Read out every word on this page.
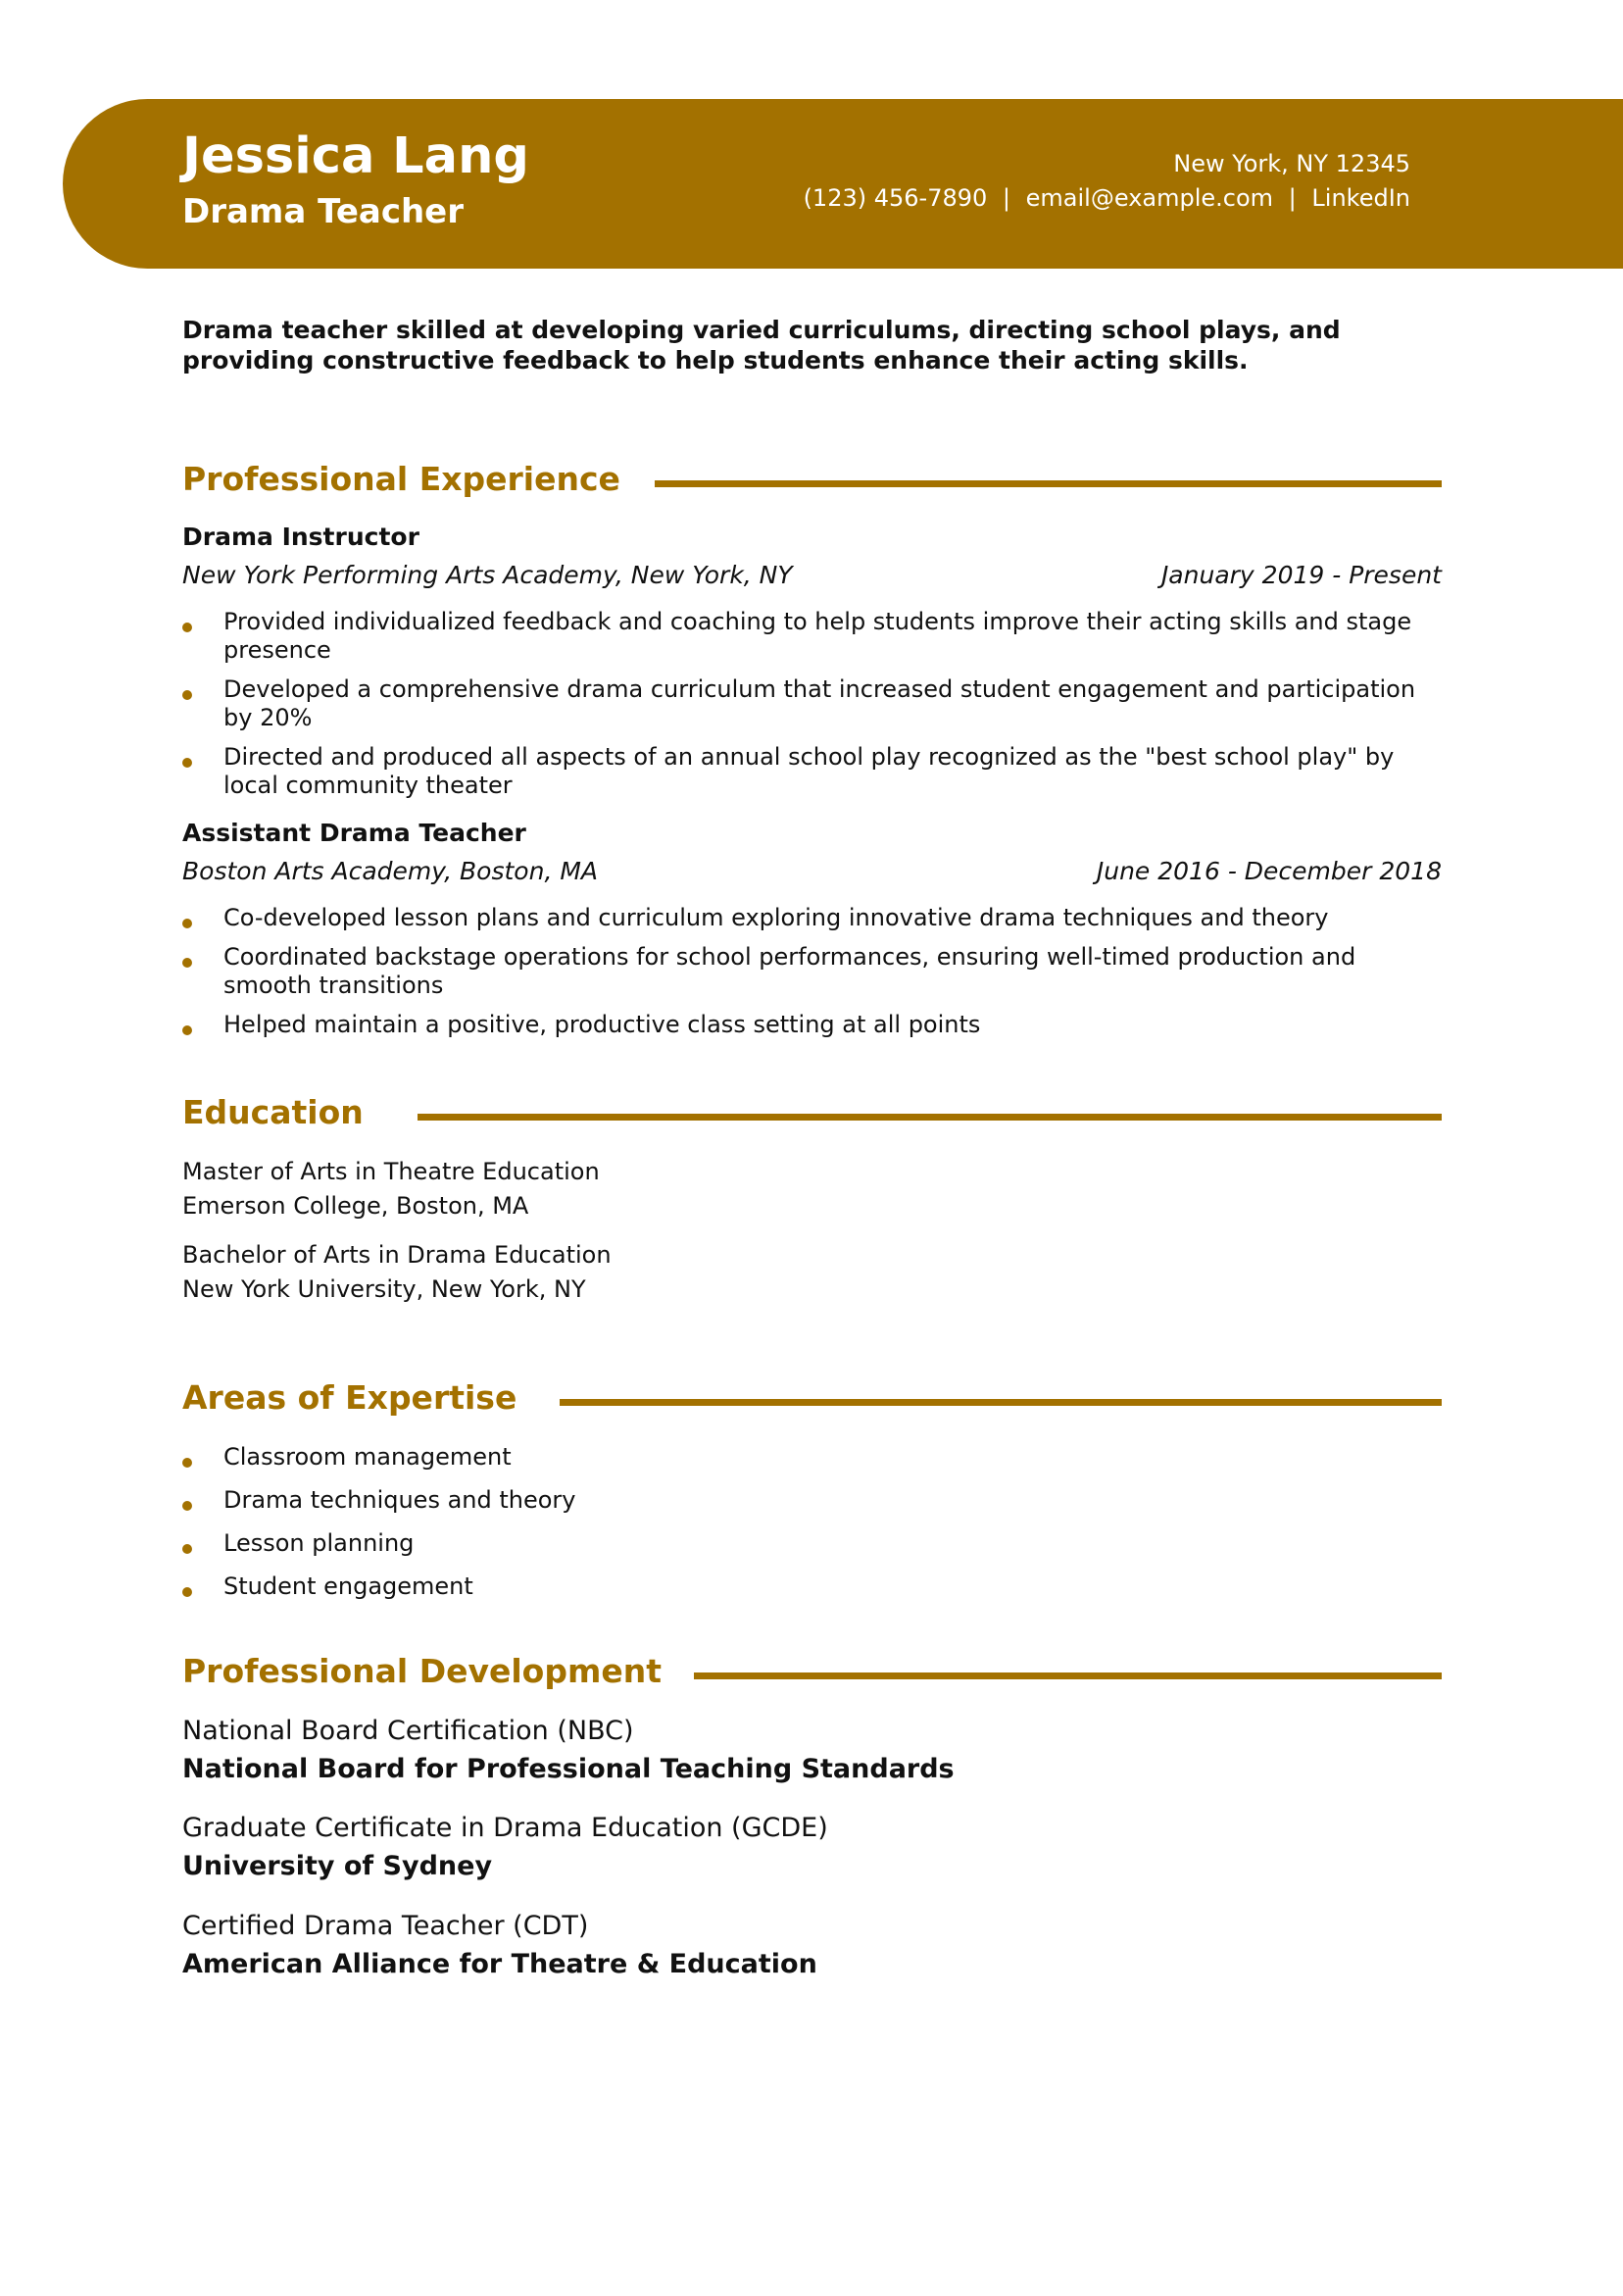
Jessica Lang
Drama Teacher
New York, NY 12345
(123) 456-7890 | email@example.com | LinkedIn
Drama teacher skilled at developing varied curriculums, directing school plays, and providing constructive feedback to help students enhance their acting skills.
Professional Experience
Drama Instructor
New York Performing Arts Academy, New York, NY	January 2019 - Present
Provided individualized feedback and coaching to help students improve their acting skills and stage presence
Developed a comprehensive drama curriculum that increased student engagement and participation by 20%
Directed and produced all aspects of an annual school play recognized as the "best school play" by local community theater
Assistant Drama Teacher
Boston Arts Academy, Boston, MA	June 2016 - December 2018
Co-developed lesson plans and curriculum exploring innovative drama techniques and theory
Coordinated backstage operations for school performances, ensuring well-timed production and smooth transitions
Helped maintain a positive, productive class setting at all points
Education
Master of Arts in Theatre Education
Emerson College, Boston, MA
Bachelor of Arts in Drama Education
New York University, New York, NY
Areas of Expertise
Classroom management
Drama techniques and theory
Lesson planning
Student engagement
Professional Development
National Board Certification (NBC)
National Board for Professional Teaching Standards
Graduate Certificate in Drama Education (GCDE)
University of Sydney
Certified Drama Teacher (CDT)
American Alliance for Theatre & Education
